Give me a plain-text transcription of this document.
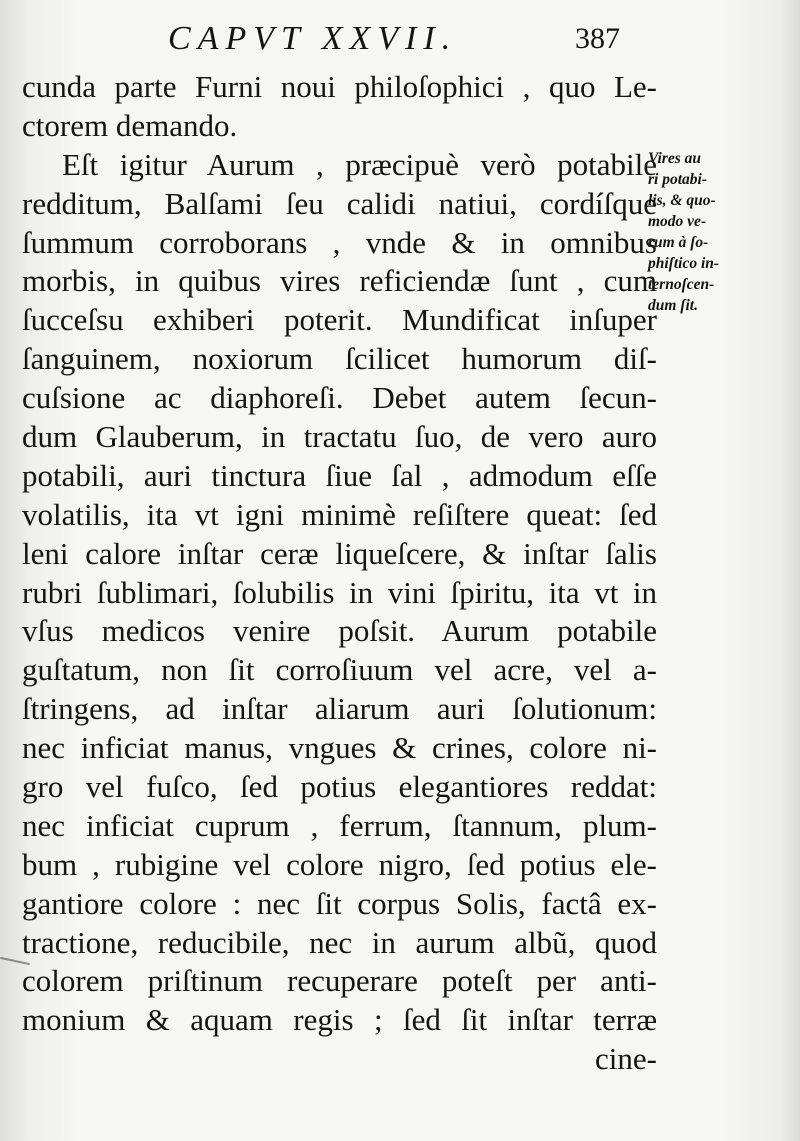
CAPVT XXVII.	387
cunda parte Furni noui philoſophici , quo Le-
ctorem demando.
Eſt igitur Aurum , præcipuè verò potabile
redditum, Balſami ſeu calidi natiui, cordíſque
ſummum corroborans , vnde & in omnibus
morbis, in quibus vires reficiendæ ſunt , cum
ſucceſsu exhiberi poterit. Mundificat inſuper
ſanguinem, noxiorum ſcilicet humorum diſ-
cuſsione ac diaphoreſi. Debet autem ſecun-
dum Glauberum, in tractatu ſuo, de vero auro
potabili, auri tinctura ſiue ſal , admodum eſſe
volatilis, ita vt igni minimè reſiſtere queat: ſed
leni calore inſtar ceræ liqueſcere, & inſtar ſalis
rubri ſublimari, ſolubilis in vini ſpiritu, ita vt in
vſus medicos venire poſsit. Aurum potabile
guſtatum, non ſit corroſiuum vel acre, vel a-
ſtringens, ad inſtar aliarum auri ſolutionum:
nec inficiat manus, vngues & crines, colore ni-
gro vel fuſco, ſed potius elegantiores reddat:
nec inficiat cuprum , ferrum, ſtannum, plum-
bum , rubigine vel colore nigro, ſed potius ele-
gantiore colore : nec ſit corpus Solis, factâ ex-
tractione, reducibile, nec in aurum albũ, quod
colorem priſtinum recuperare poteſt per anti-
monium & aquam regis ; ſed ſit inſtar terræ
cine-
Vires au
ri potabi-
lis, & quo-
modo ve-
rum à ſo-
phiſtico in-
ternoſcen-
dum ſit.
